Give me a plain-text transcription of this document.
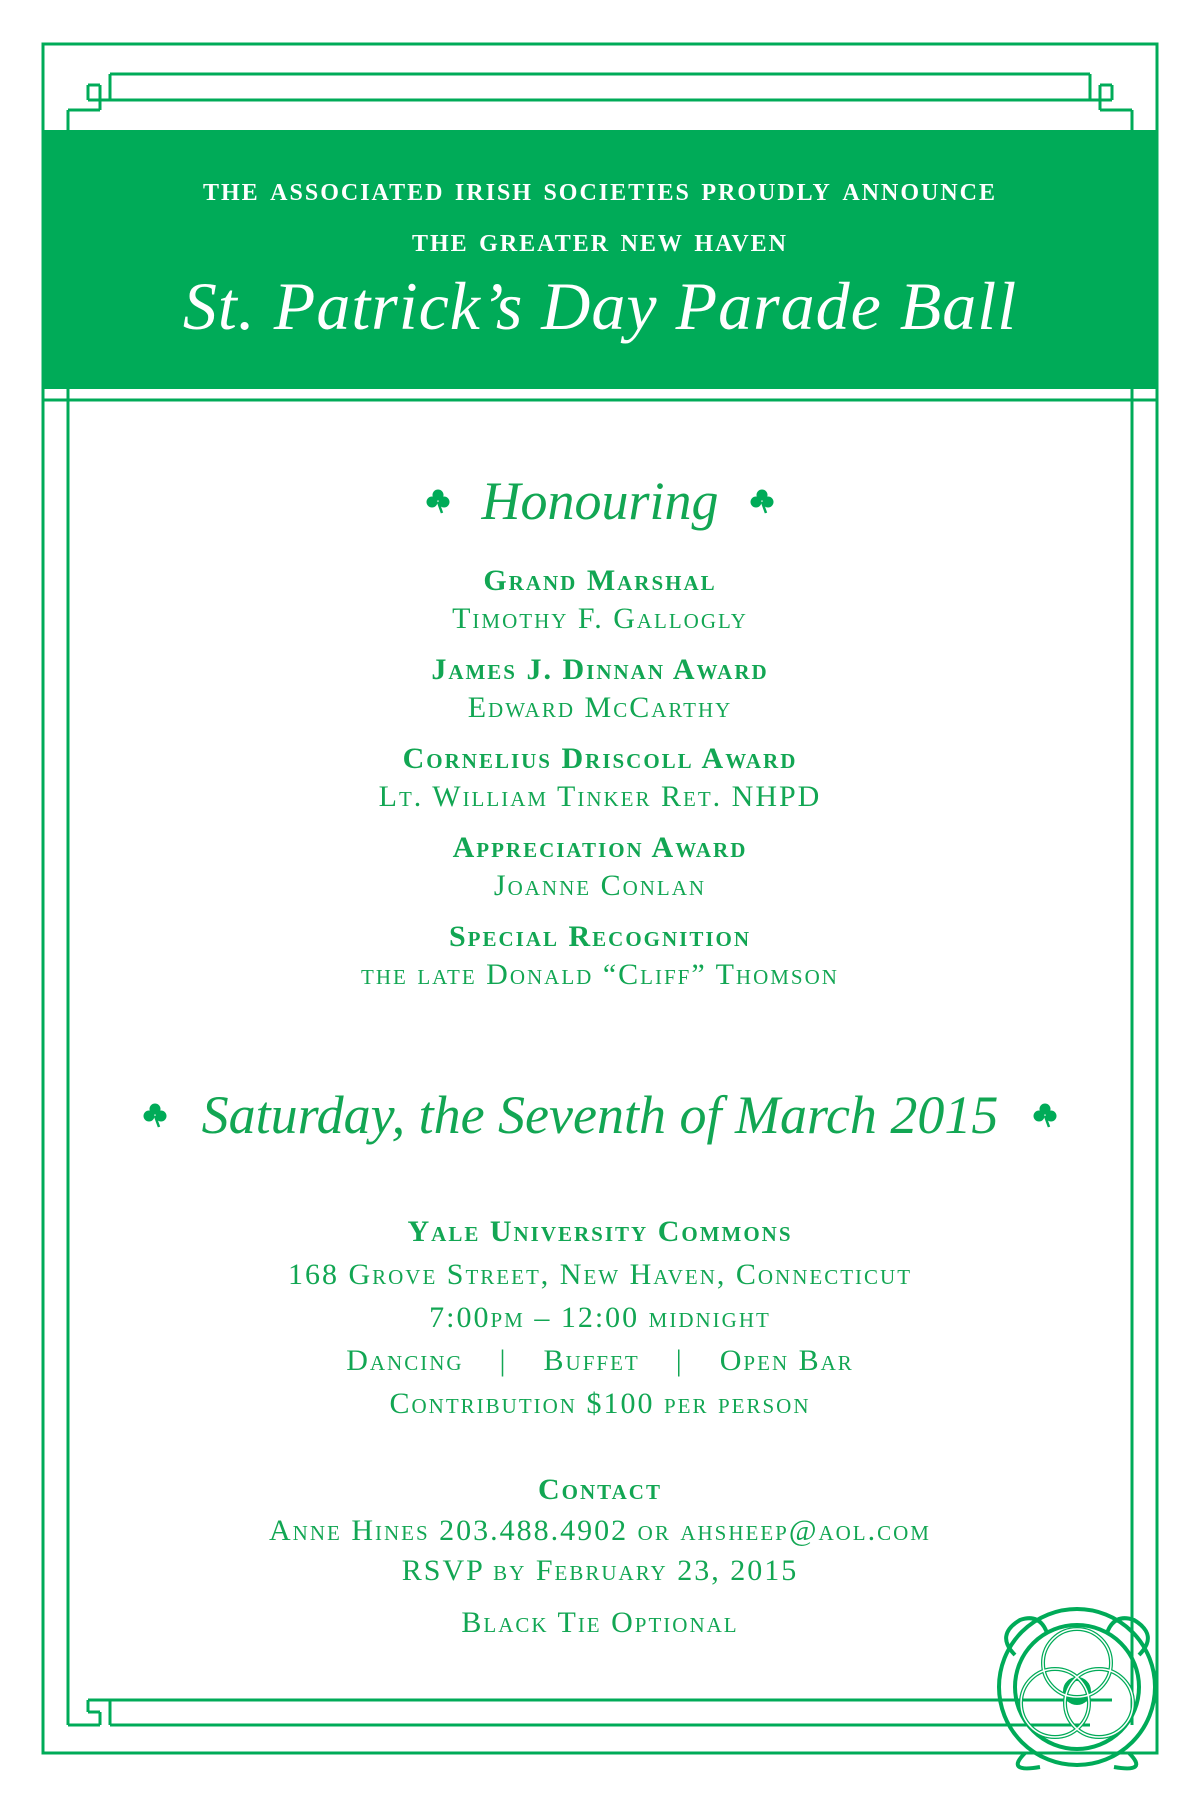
the associated irish societies proudly announce
the greater new haven
St. Patrick’s Day Parade Ball
Honouring
Grand Marshal
Timothy F. Gallogly
James J. Dinnan Award
Edward McCarthy
Cornelius Driscoll Award
Lt. William Tinker Ret. NHPD
Appreciation Award
Joanne Conlan
Special Recognition
the late Donald “Cliff” Thomson
Saturday, the Seventh of March 2015
Yale University Commons
168 Grove Street, New Haven, Connecticut
7:00pm – 12:00 midnight
Dancing | Buffet | Open Bar
Contribution $100 per person
Contact
Anne Hines 203.488.4902 or ahsheep@aol.com
RSVP by February 23, 2015
Black Tie Optional
